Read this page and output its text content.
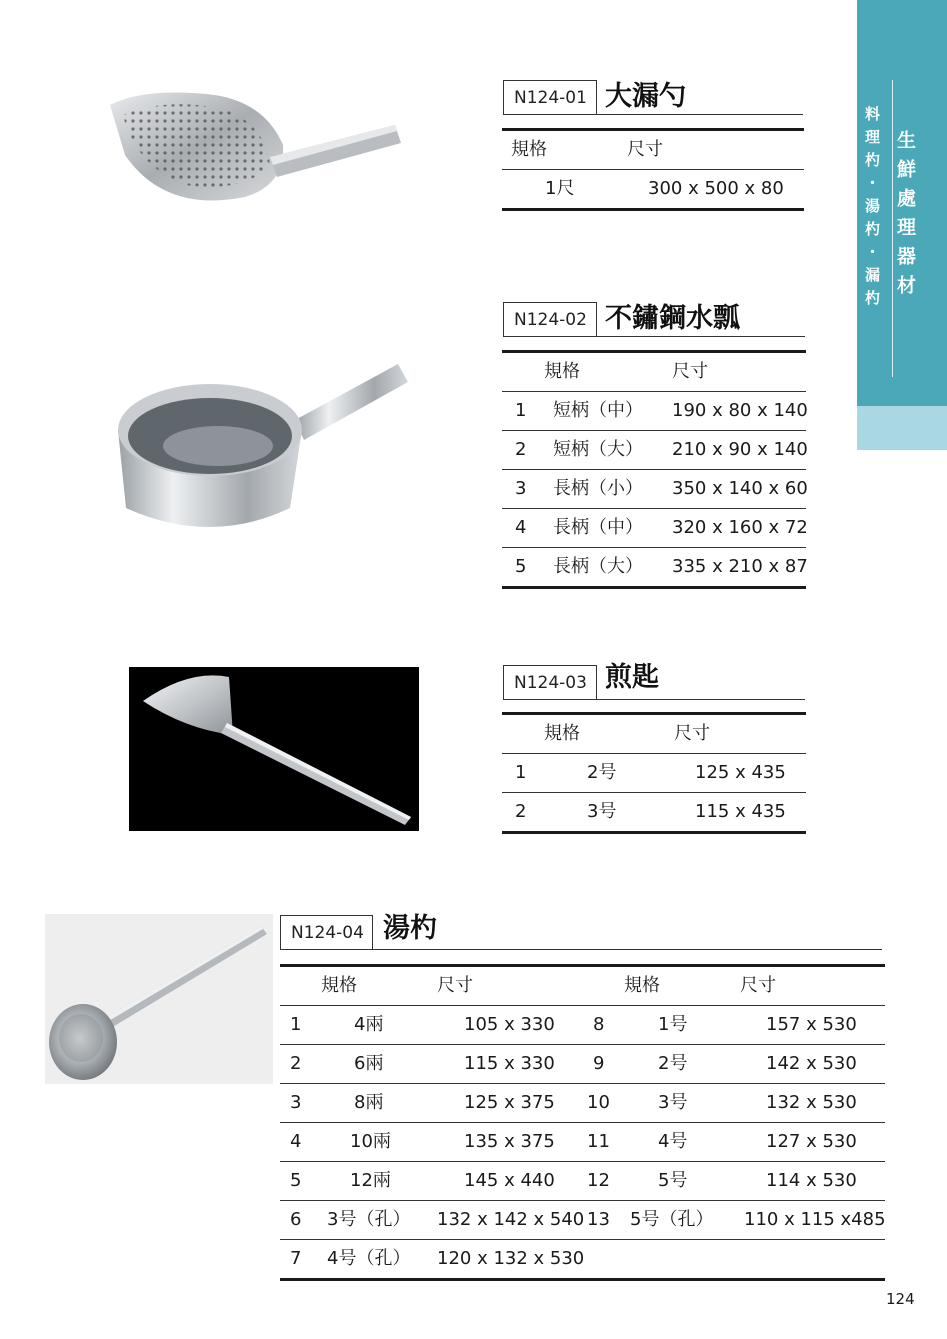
料理杓・湯杓・漏杓 生鮮處理器材
N124-01 大漏勺
規格	尺寸
1尺	300 x 500 x 80
N124-02 不鏽鋼水瓢
規格	尺寸
1 短柄（中） 190 x 80 x 140
2 短柄（大） 210 x 90 x 140
3 長柄（小） 350 x 140 x 60
4 長柄（中） 320 x 160 x 72
5 長柄（大） 335 x 210 x 87
N124-03 煎匙
規格	尺寸
1	2号	125 x 435
2	3号	115 x 435
N124-04 湯杓
規格	尺寸	規格	尺寸
1	4兩	105 x 330 8	1号	157 x 530
2	6兩	115 x 330 9	2号	142 x 530
3	8兩	125 x 375 10	3号	132 x 530
4	10兩	135 x 375 11	4号	127 x 530
5	12兩	145 x 440 12	5号	114 x 530
6 3号（孔） 132 x 142 x 540 13 5号（孔） 110 x 115 x485
7 4号（孔） 120 x 132 x 530
124
